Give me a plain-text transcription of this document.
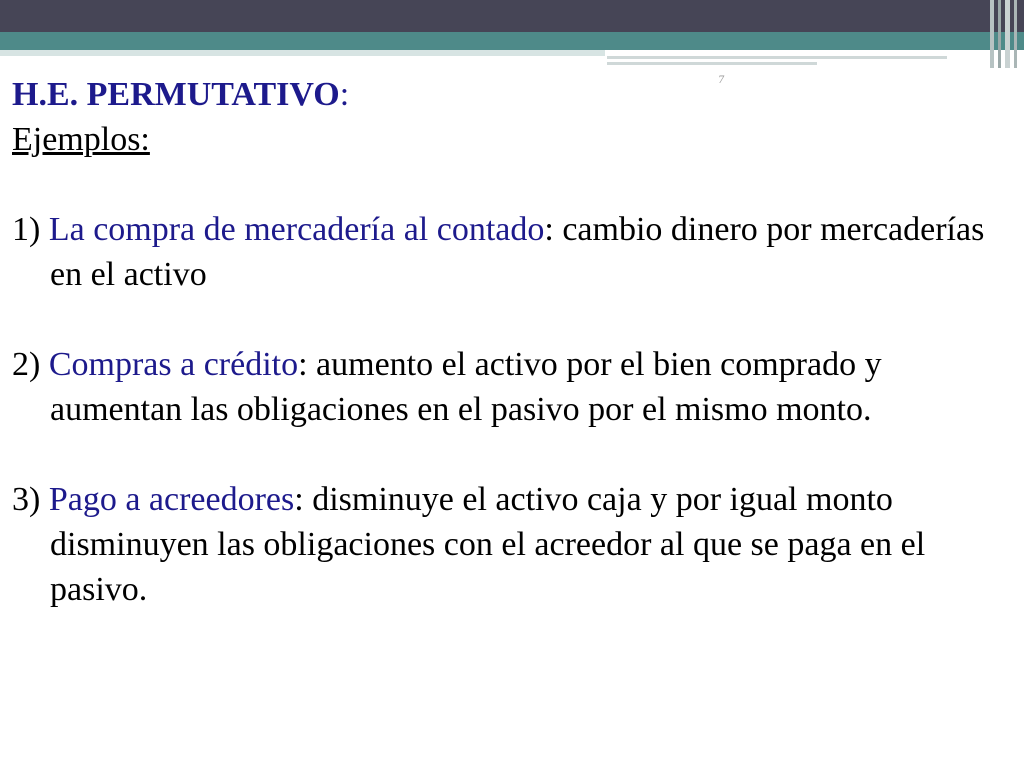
7
H.E. PERMUTATIVO:
Ejemplos:
1) La compra de mercadería al contado: cambio dinero por mercaderías en el activo
2) Compras a crédito: aumento el activo por el bien comprado y aumentan las obligaciones en el pasivo por el mismo monto.
3) Pago a acreedores: disminuye el activo caja y por igual monto disminuyen las obligaciones con el acreedor al que se paga en el pasivo.
